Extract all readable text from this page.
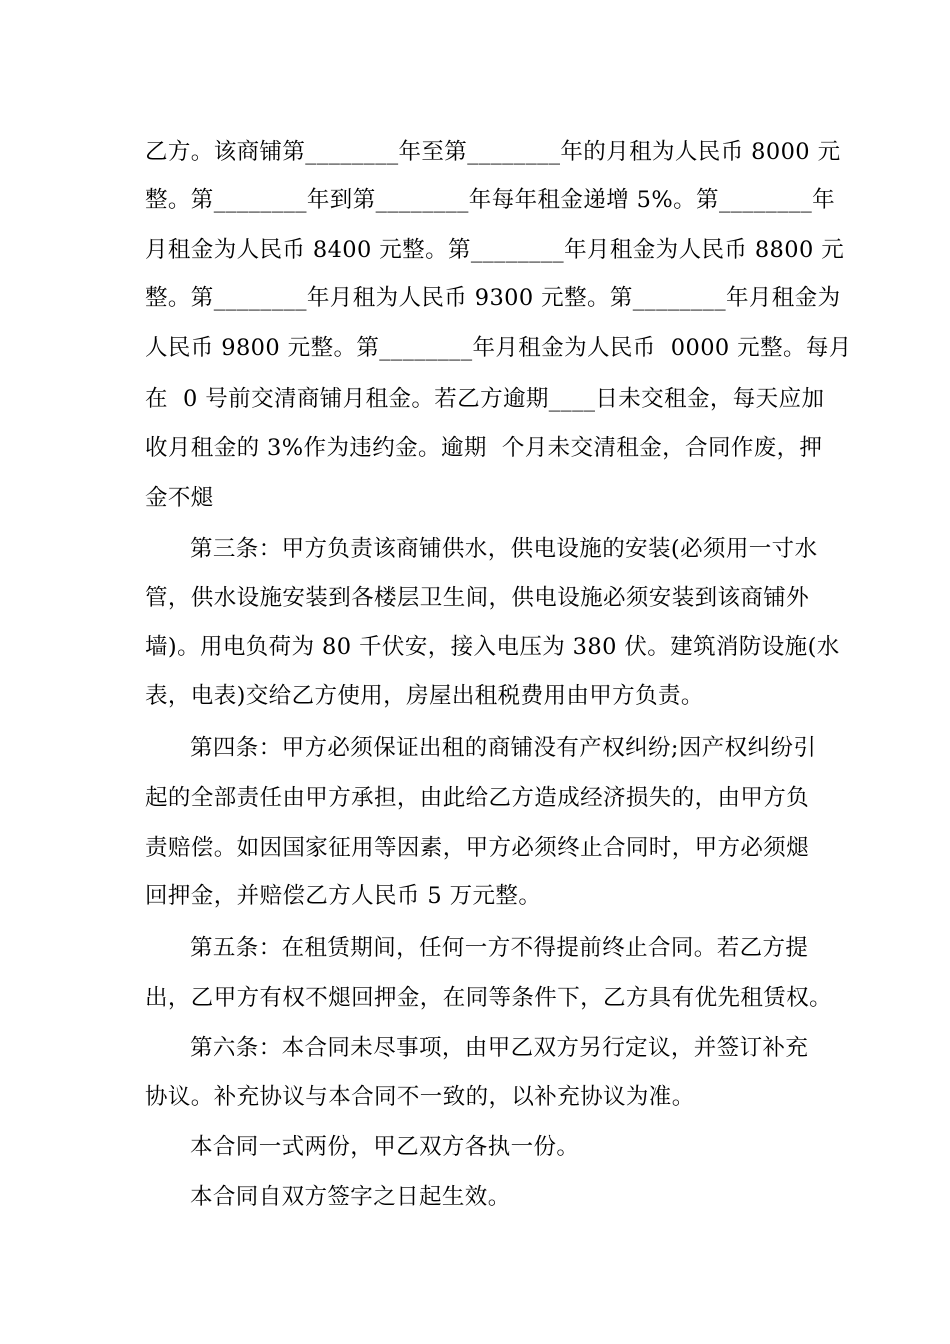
乙方。该商铺第________年至第________年的月租为人民币 8000 元
整。第________年到第________年每年租金递增 5%。第________年
月租金为人民币 8400 元整。第________年月租金为人民币 8800 元
整。第________年月租为人民币 9300 元整。第________年月租金为
人民币 9800 元整。第________年月租金为人民币  0000 元整。每月
在  0 号前交清商铺月租金。若乙方逾期____日未交租金，每天应加
收月租金的 3%作为违约金。逾期  个月未交清租金，合同作废，押
金不煺
第三条：甲方负责该商铺供水，供电设施的安装(必须用一寸水
管，供水设施安装到各楼层卫生间，供电设施必须安装到该商铺外
墙)。用电负荷为 80 千伏安，接入电压为 380 伏。建筑消防设施(水
表，电表)交给乙方使用，房屋出租税费用由甲方负责。
第四条：甲方必须保证出租的商铺没有产权纠纷;因产权纠纷引
起的全部责任由甲方承担，由此给乙方造成经济损失的，由甲方负
责赔偿。如因国家征用等因素，甲方必须终止合同时，甲方必须煺
回押金，并赔偿乙方人民币 5 万元整。
第五条：在租赁期间，任何一方不得提前终止合同。若乙方提
出，乙甲方有权不煺回押金，在同等条件下，乙方具有优先租赁权。
第六条：本合同未尽事项，由甲乙双方另行定议，并签订补充
协议。补充协议与本合同不一致的，以补充协议为准。
本合同一式两份，甲乙双方各执一份。
本合同自双方签字之日起生效。
